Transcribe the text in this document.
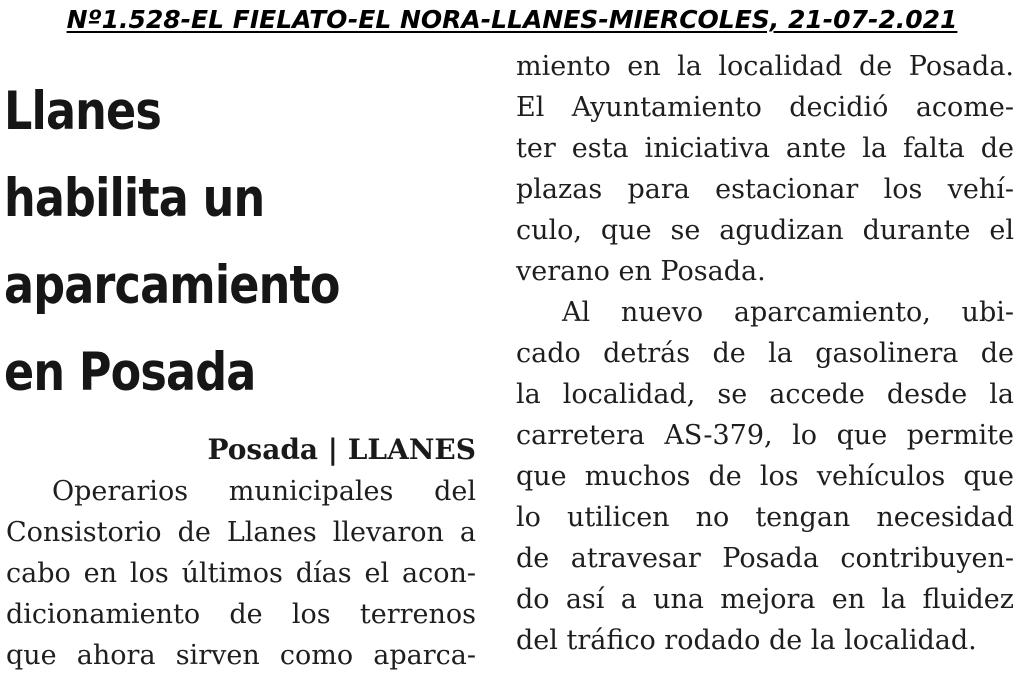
Nº1.528-EL FIELATO-EL NORA-LLANES-MIERCOLES, 21-07-2.021
Llanes
habilita un
aparcamiento
en Posada
Posada | LLANES
Operarios municipales del
Consistorio de Llanes llevaron a
cabo en los últimos días el acon-
dicionamiento de los terrenos
que ahora sirven como aparca-
miento en la localidad de Posada.
El Ayuntamiento decidió acome-
ter esta iniciativa ante la falta de
plazas para estacionar los vehí-
culo, que se agudizan durante el
verano en Posada.
Al nuevo aparcamiento, ubi-
cado detrás de la gasolinera de
la localidad, se accede desde la
carretera AS-379, lo que permite
que muchos de los vehículos que
lo utilicen no tengan necesidad
de atravesar Posada contribuyen-
do así a una mejora en la fluidez
del tráfico rodado de la localidad.
